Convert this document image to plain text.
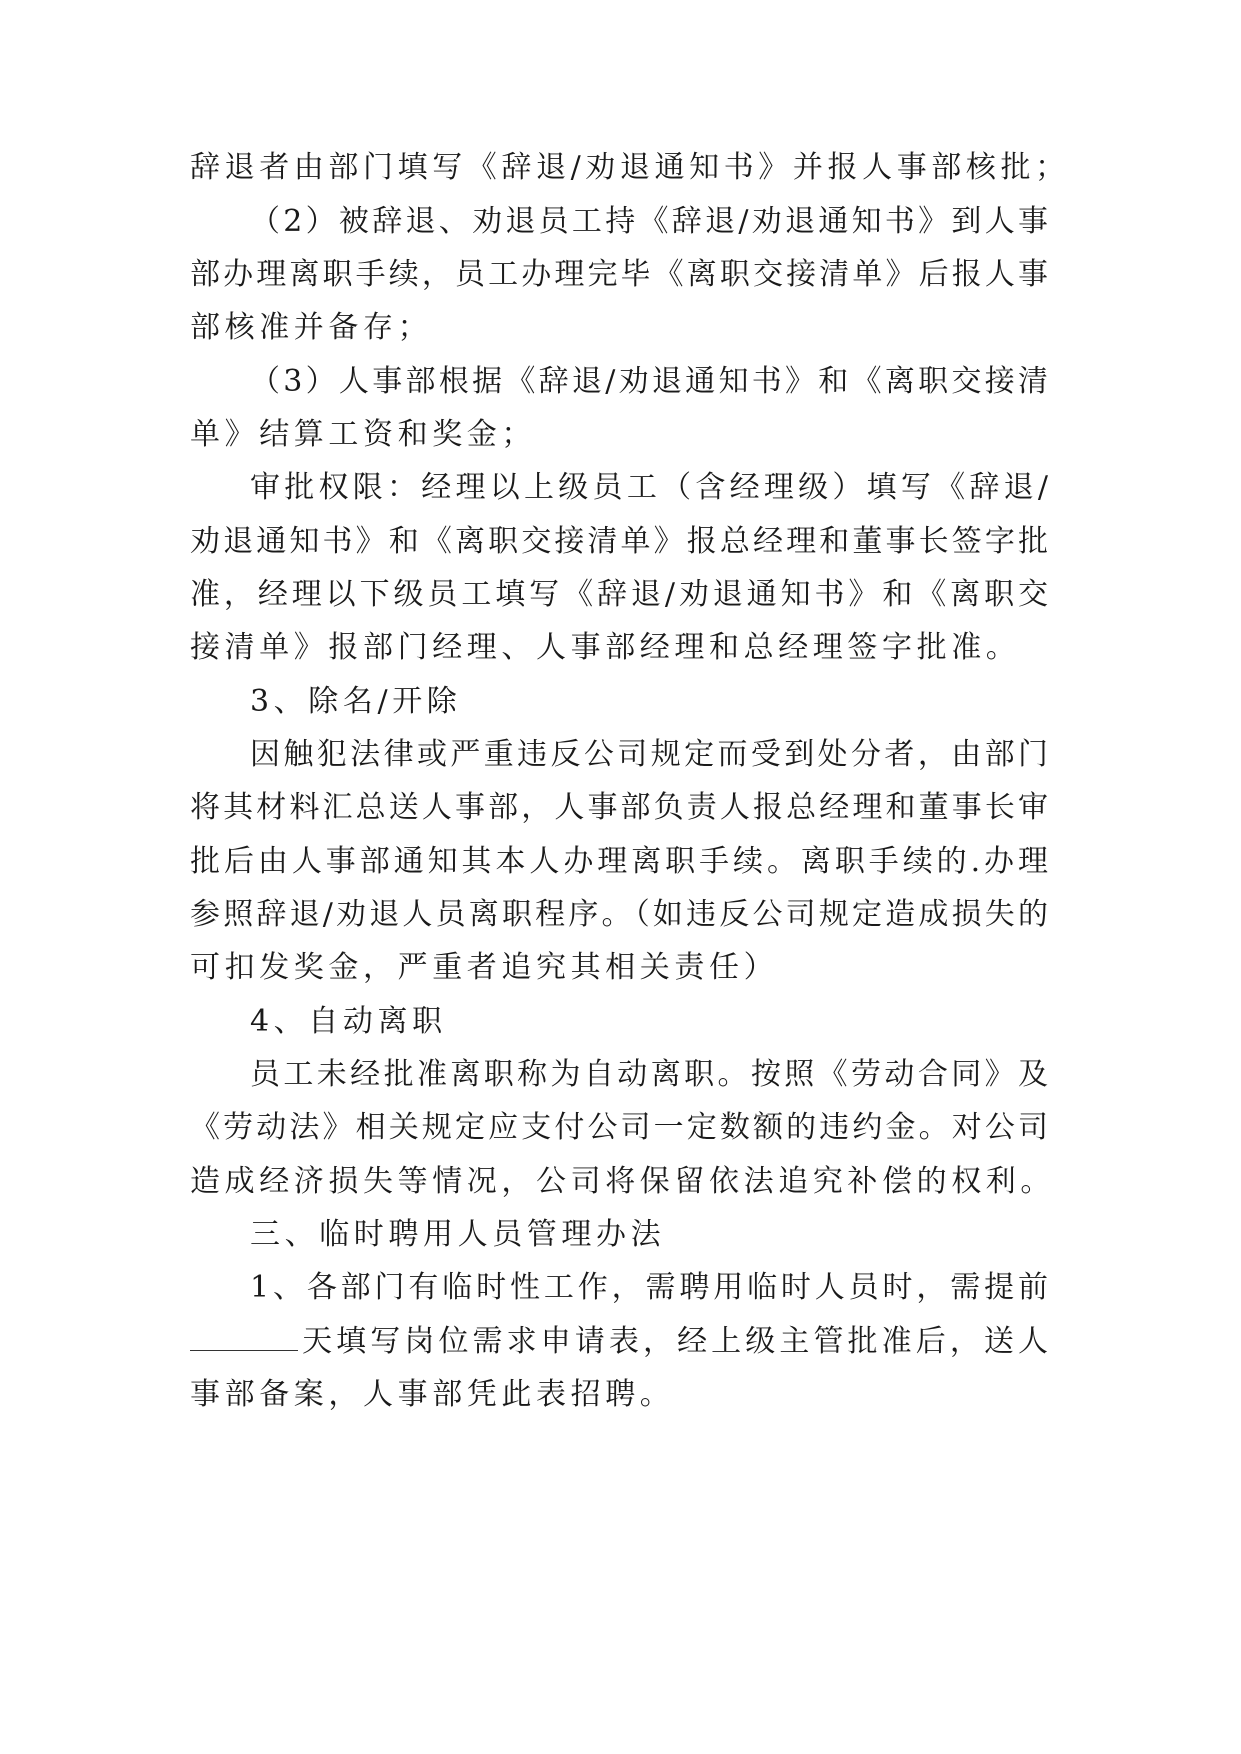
辞退者由部门填写《辞退/劝退通知书》并报人事部核批；

（2）被辞退、劝退员工持《辞退/劝退通知书》到人事

部办理离职手续，员工办理完毕《离职交接清单》后报人事

部核准并备存；

（3）人事部根据《辞退/劝退通知书》和《离职交接清

单》结算工资和奖金；

审批权限：经理以上级员工（含经理级）填写《辞退/

劝退通知书》和《离职交接清单》报总经理和董事长签字批

准，经理以下级员工填写《辞退/劝退通知书》和《离职交

接清单》报部门经理、人事部经理和总经理签字批准。

3、除名/开除

因触犯法律或严重违反公司规定而受到处分者，由部门

将其材料汇总送人事部，人事部负责人报总经理和董事长审

批后由人事部通知其本人办理离职手续。离职手续的.办理

参照辞退/劝退人员离职程序。（如违反公司规定造成损失的

可扣发奖金，严重者追究其相关责任）

4、自动离职

员工未经批准离职称为自动离职。按照《劳动合同》及

《劳动法》相关规定应支付公司一定数额的违约金。对公司

造成经济损失等情况，公司将保留依法追究补偿的权利。

三、临时聘用人员管理办法

1、各部门有临时性工作，需聘用临时人员时，需提前

天填写岗位需求申请表，经上级主管批准后，送人

事部备案，人事部凭此表招聘。
